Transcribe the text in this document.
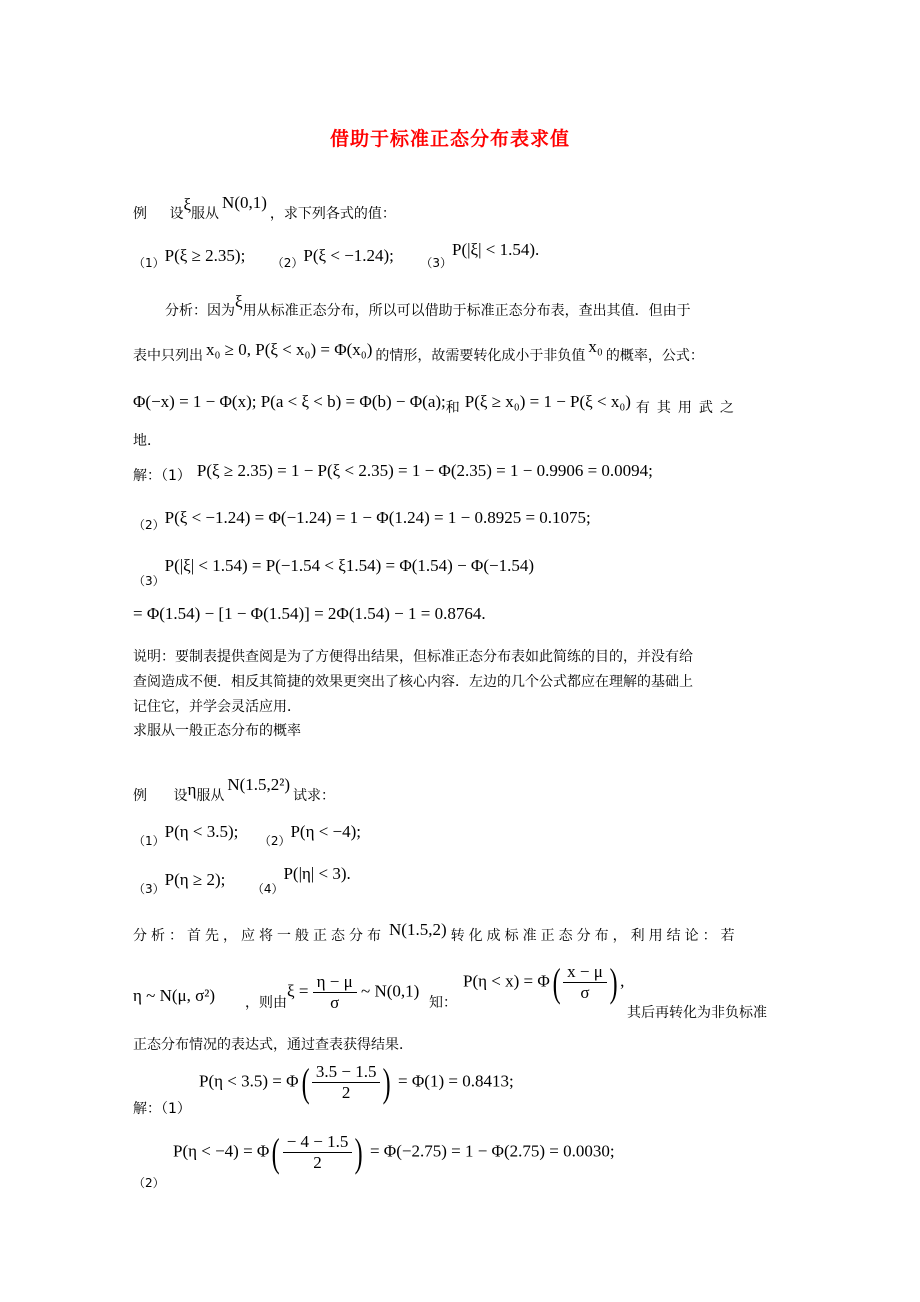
借助于标准正态分布表求值
例 设ξ服从N(0,1)，求下列各式的值：
（1）P(ξ ≥ 2.35); （2）P(ξ < −1.24); （3）P(|ξ| < 1.54).
分析：因为ξ用从标准正态分布，所以可以借助于标准正态分布表，查出其值．但由于
表中只列出 x₀ ≥ 0, P(ξ < x₀) = Φ(x₀) 的情形，故需要转化成小于非负值 x₀ 的概率，公式：
Φ(−x) = 1 − Φ(x); P(a < ξ < b) = Φ(b) − Φ(a);和 P(ξ ≥ x₀) = 1 − P(ξ < x₀) 有其用武之
地．
解：（1） P(ξ ≥ 2.35) = 1 − P(ξ < 2.35) = 1 − Φ(2.35) = 1 − 0.9906 = 0.0094;
（2）P(ξ < −1.24) = Φ(−1.24) = 1 − Φ(1.24) = 1 − 0.8925 = 0.1075;
（3）P(|ξ| < 1.54) = P(−1.54 < ξ1.54) = Φ(1.54) − Φ(−1.54)
= Φ(1.54) − [1 − Φ(1.54)] = 2Φ(1.54) − 1 = 0.8764.
说明：要制表提供查阅是为了方便得出结果，但标准正态分布表如此简练的目的，并没有给
查阅造成不便．相反其简捷的效果更突出了核心内容．左边的几个公式都应在理解的基础上
记住它，并学会灵活应用．
求服从一般正态分布的概率
例 设η服从N(1.5,2²)试求：
（1）P(η < 3.5); （2）P(η < −4);
（3）P(η ≥ 2); （4）P(|η| < 3).
分析：首先，应将一般正态分布 N(1.5,2) 转化成标准正态分布，利用结论：若
η ~ N(μ, σ²) ，则由
$\xi = \frac{\eta - \mu}{\sigma}$ ~ N(0,1)
知：
$P(\eta < x) = \Phi( \frac{x - \mu}{\sigma}$ ) ,
其后再转化为非负标准
正态分布情况的表达式，通过查表获得结果．
解：（1）
$P(\eta < 3.5) = \Phi( \frac{3.5 - 1.5}{2}$ ) = Φ(1) = 0.8413;
（2）
$P(\eta < -4) = \Phi( \frac{- 4 - 1.5}{2}$ ) = Φ(−2.75) = 1 − Φ(2.75) = 0.0030;
